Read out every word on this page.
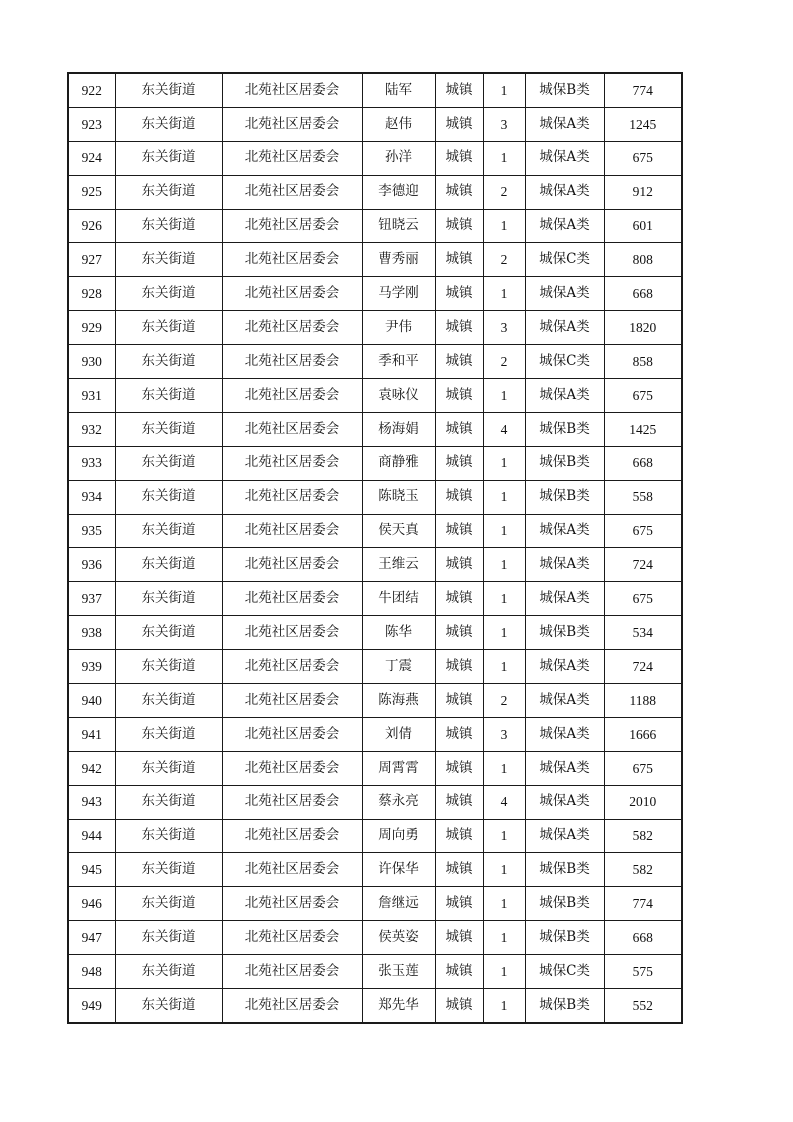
922	东关街道	北苑社区居委会	陆军	城镇	1	城保B类	774
923	东关街道	北苑社区居委会	赵伟	城镇	3	城保A类	1245
924	东关街道	北苑社区居委会	孙洋	城镇	1	城保A类	675
925	东关街道	北苑社区居委会	李德迎	城镇	2	城保A类	912
926	东关街道	北苑社区居委会	钮晓云	城镇	1	城保A类	601
927	东关街道	北苑社区居委会	曹秀丽	城镇	2	城保C类	808
928	东关街道	北苑社区居委会	马学刚	城镇	1	城保A类	668
929	东关街道	北苑社区居委会	尹伟	城镇	3	城保A类	1820
930	东关街道	北苑社区居委会	季和平	城镇	2	城保C类	858
931	东关街道	北苑社区居委会	袁咏仪	城镇	1	城保A类	675
932	东关街道	北苑社区居委会	杨海娟	城镇	4	城保B类	1425
933	东关街道	北苑社区居委会	商静雅	城镇	1	城保B类	668
934	东关街道	北苑社区居委会	陈晓玉	城镇	1	城保B类	558
935	东关街道	北苑社区居委会	侯天真	城镇	1	城保A类	675
936	东关街道	北苑社区居委会	王维云	城镇	1	城保A类	724
937	东关街道	北苑社区居委会	牛团结	城镇	1	城保A类	675
938	东关街道	北苑社区居委会	陈华	城镇	1	城保B类	534
939	东关街道	北苑社区居委会	丁震	城镇	1	城保A类	724
940	东关街道	北苑社区居委会	陈海燕	城镇	2	城保A类	1188
941	东关街道	北苑社区居委会	刘倩	城镇	3	城保A类	1666
942	东关街道	北苑社区居委会	周霄霄	城镇	1	城保A类	675
943	东关街道	北苑社区居委会	蔡永亮	城镇	4	城保A类	2010
944	东关街道	北苑社区居委会	周向勇	城镇	1	城保A类	582
945	东关街道	北苑社区居委会	许保华	城镇	1	城保B类	582
946	东关街道	北苑社区居委会	詹继远	城镇	1	城保B类	774
947	东关街道	北苑社区居委会	侯英姿	城镇	1	城保B类	668
948	东关街道	北苑社区居委会	张玉莲	城镇	1	城保C类	575
949	东关街道	北苑社区居委会	郑先华	城镇	1	城保B类	552
